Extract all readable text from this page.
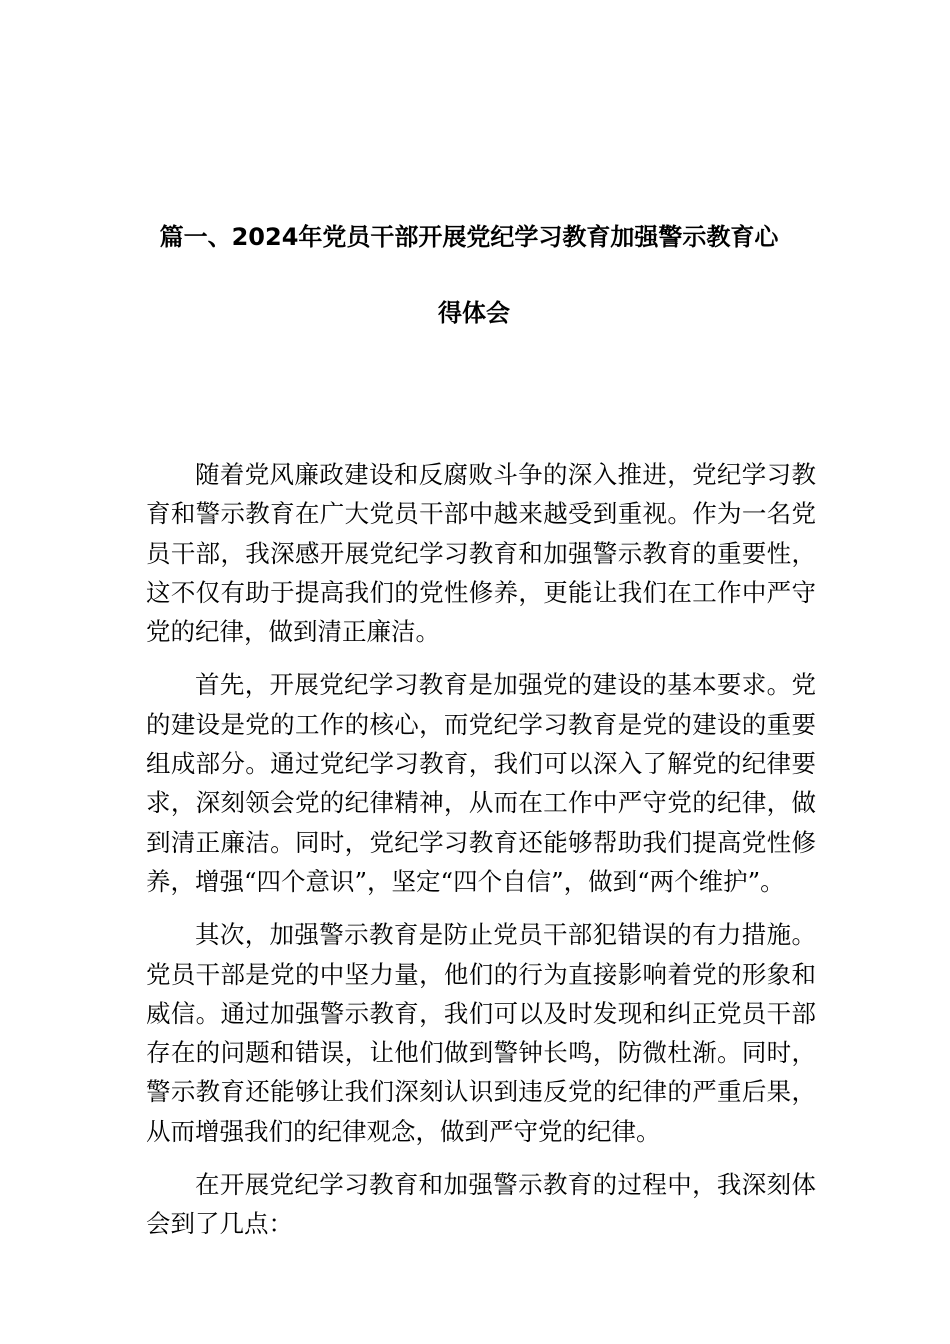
篇一、2024年党员干部开展党纪学习教育加强警示教育心
得体会

随着党风廉政建设和反腐败斗争的深入推进，党纪学习教育和警示教育在广大党员干部中越来越受到重视。作为一名党员干部，我深感开展党纪学习教育和加强警示教育的重要性，这不仅有助于提高我们的党性修养，更能让我们在工作中严守党的纪律，做到清正廉洁。

首先，开展党纪学习教育是加强党的建设的基本要求。党的建设是党的工作的核心，而党纪学习教育是党的建设的重要组成部分。通过党纪学习教育，我们可以深入了解党的纪律要求，深刻领会党的纪律精神，从而在工作中严守党的纪律，做到清正廉洁。同时，党纪学习教育还能够帮助我们提高党性修养，增强“四个意识”，坚定“四个自信”，做到“两个维护”。

其次，加强警示教育是防止党员干部犯错误的有力措施。党员干部是党的中坚力量，他们的行为直接影响着党的形象和威信。通过加强警示教育，我们可以及时发现和纠正党员干部存在的问题和错误，让他们做到警钟长鸣，防微杜渐。同时，警示教育还能够让我们深刻认识到违反党的纪律的严重后果，从而增强我们的纪律观念，做到严守党的纪律。

在开展党纪学习教育和加强警示教育的过程中，我深刻体会到了几点：
